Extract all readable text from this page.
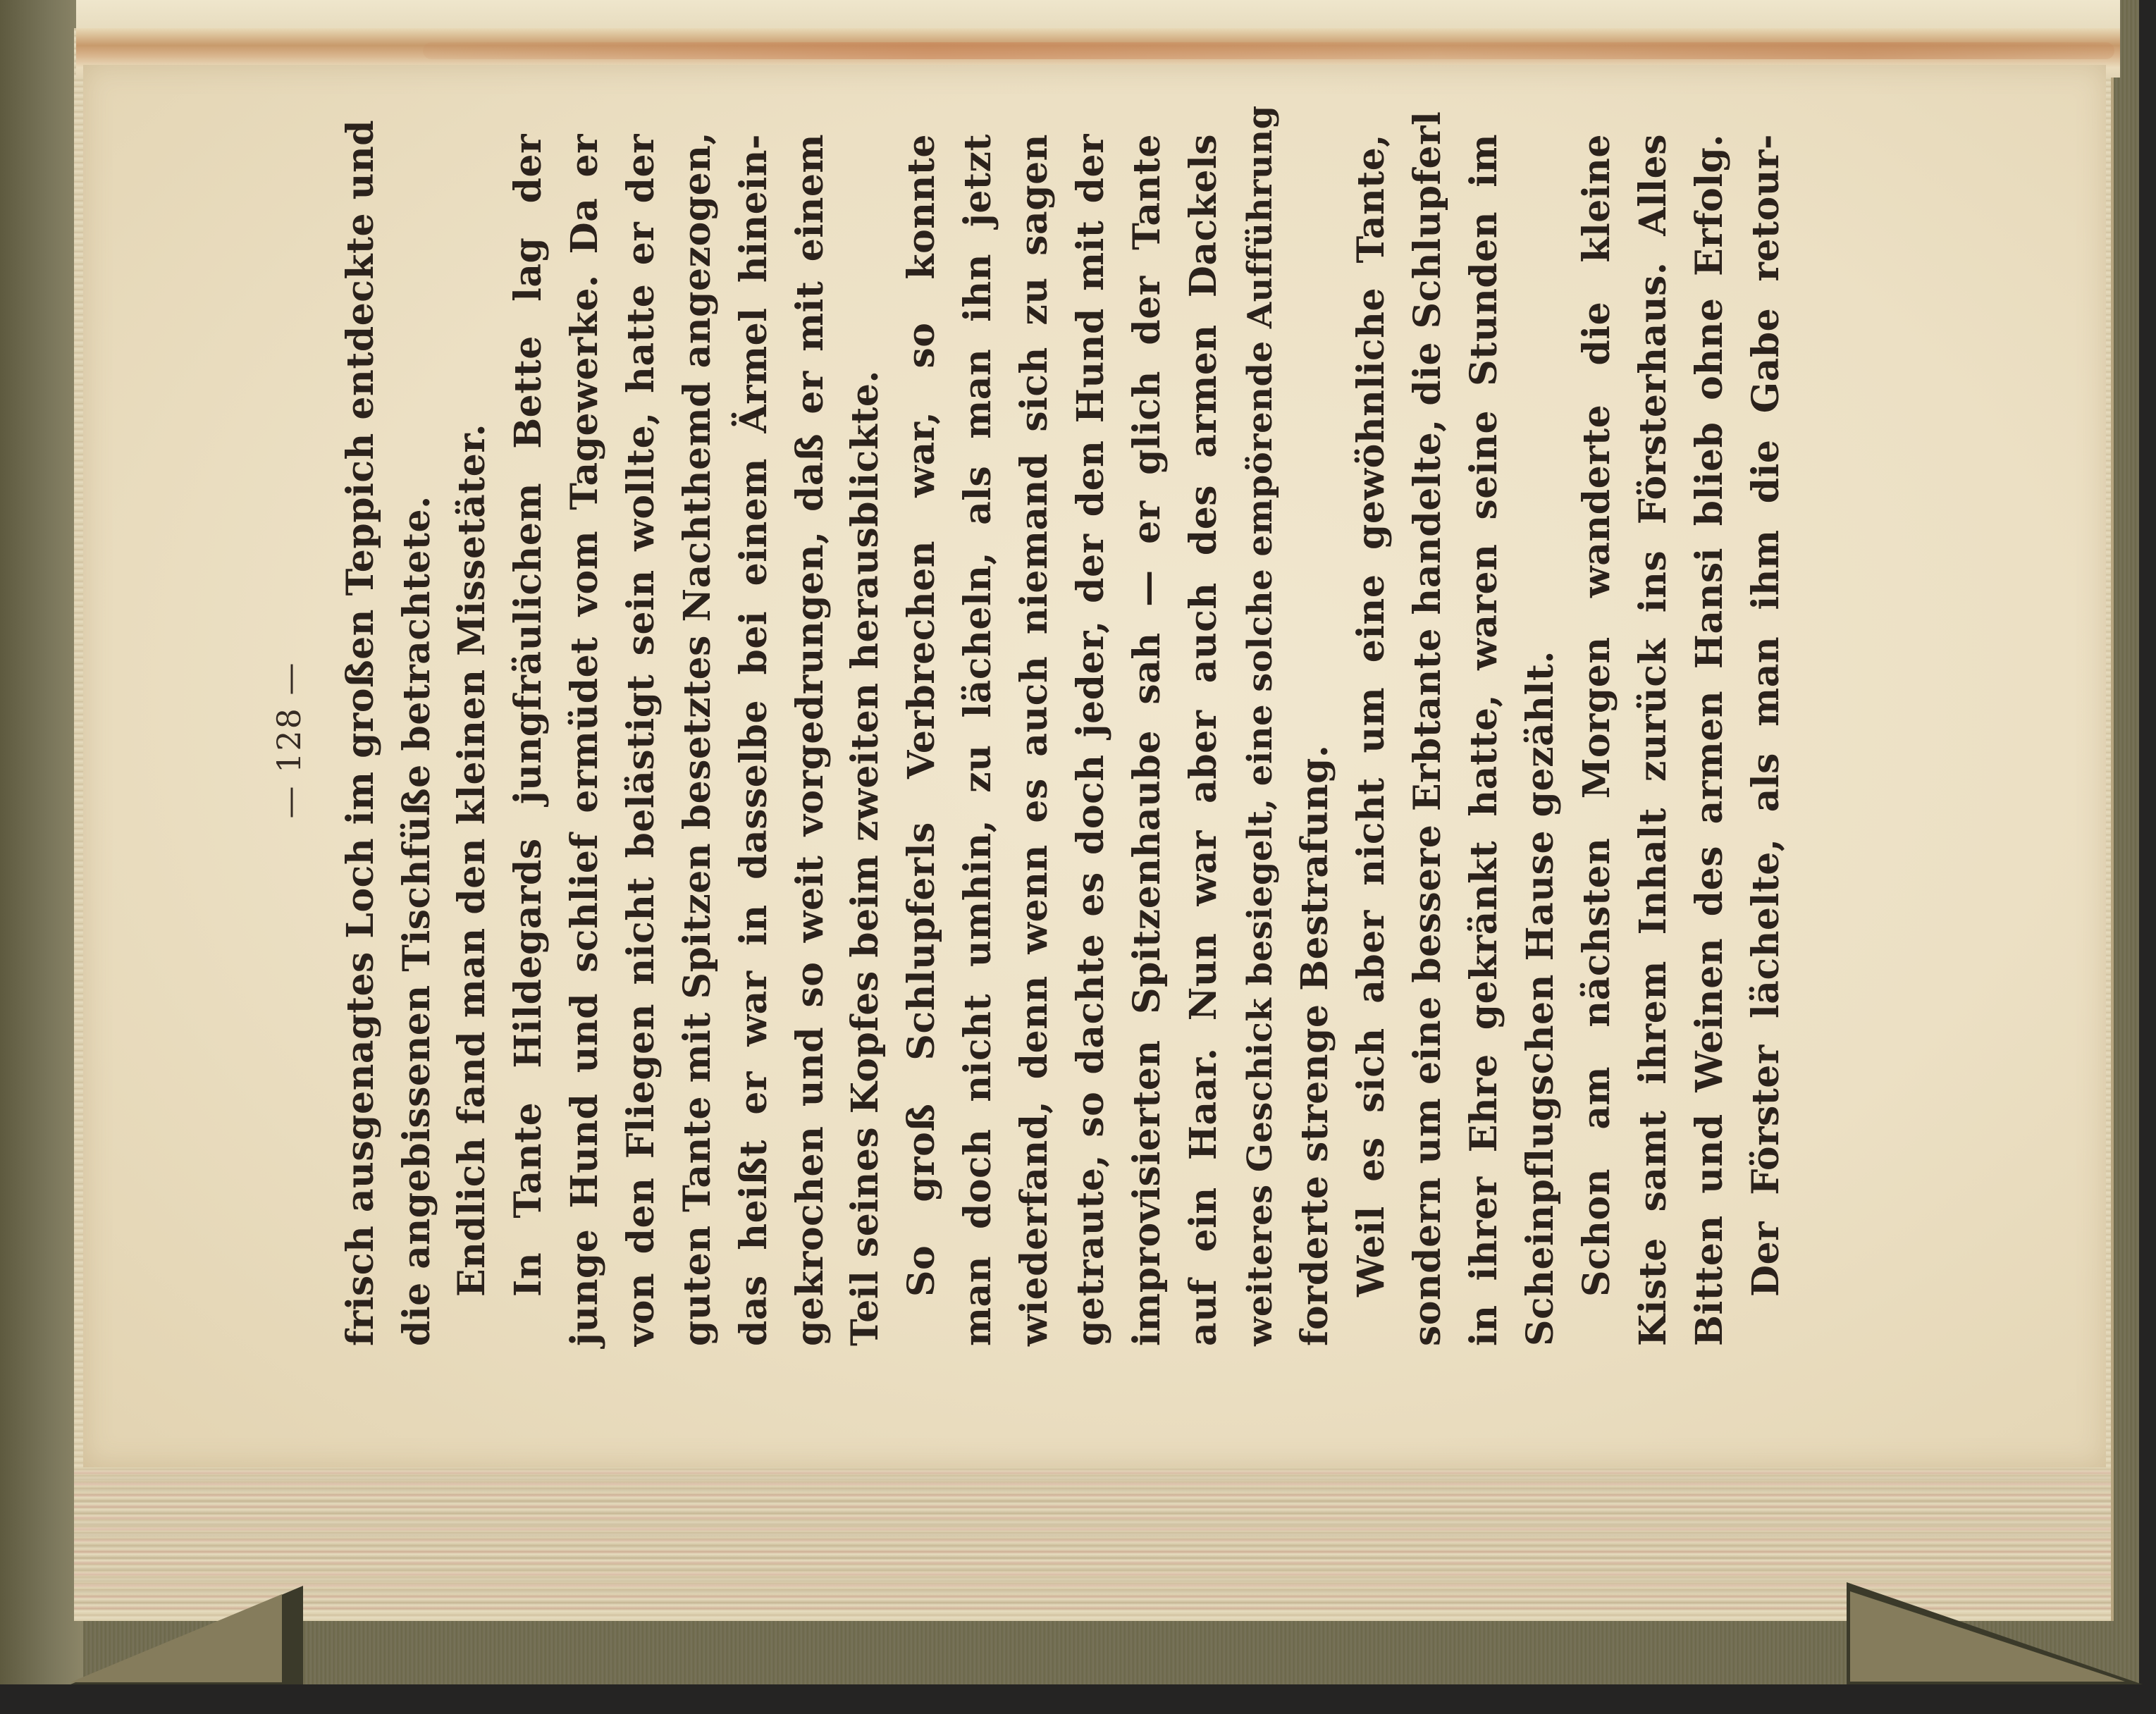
— 128 — frisch ausgenagtes Loch im großen Teppich entdeckte und die angebissenen Tischfüße betrachtete. Endlich fand man den kleinen Missetäter. In Tante Hildegards jungfräulichem Bette lag der junge Hund und schlief ermüdet vom Tagewerke. Da er von den Fliegen nicht belästigt sein wollte, hatte er der guten Tante mit Spitzen besetztes Nachthemd angezogen, das heißt er war in dasselbe bei einem Ärmel hinein- gekrochen und so weit vorgedrungen, daß er mit einem Teil seines Kopfes beim zweiten herausblickte. So groß Schlupferls Verbrechen war, so konnte man doch nicht umhin, zu lächeln, als man ihn jetzt wiederfand, denn wenn es auch niemand sich zu sagen getraute, so dachte es doch jeder, der den Hund mit der improvisierten Spitzenhaube sah — er glich der Tante auf ein Haar. Nun war aber auch des armen Dackels weiteres Geschick besiegelt, eine solche empörende Aufführung forderte strenge Bestrafung. Weil es sich aber nicht um eine gewöhnliche Tante, sondern um eine bessere Erbtante handelte, die Schlupferl in ihrer Ehre gekränkt hatte, waren seine Stunden im Scheinpflugschen Hause gezählt. Schon am nächsten Morgen wanderte die kleine Kiste samt ihrem Inhalt zurück ins Försterhaus. Alles Bitten und Weinen des armen Hansi blieb ohne Erfolg. Der Förster lächelte, als man ihm die Gabe retour-
